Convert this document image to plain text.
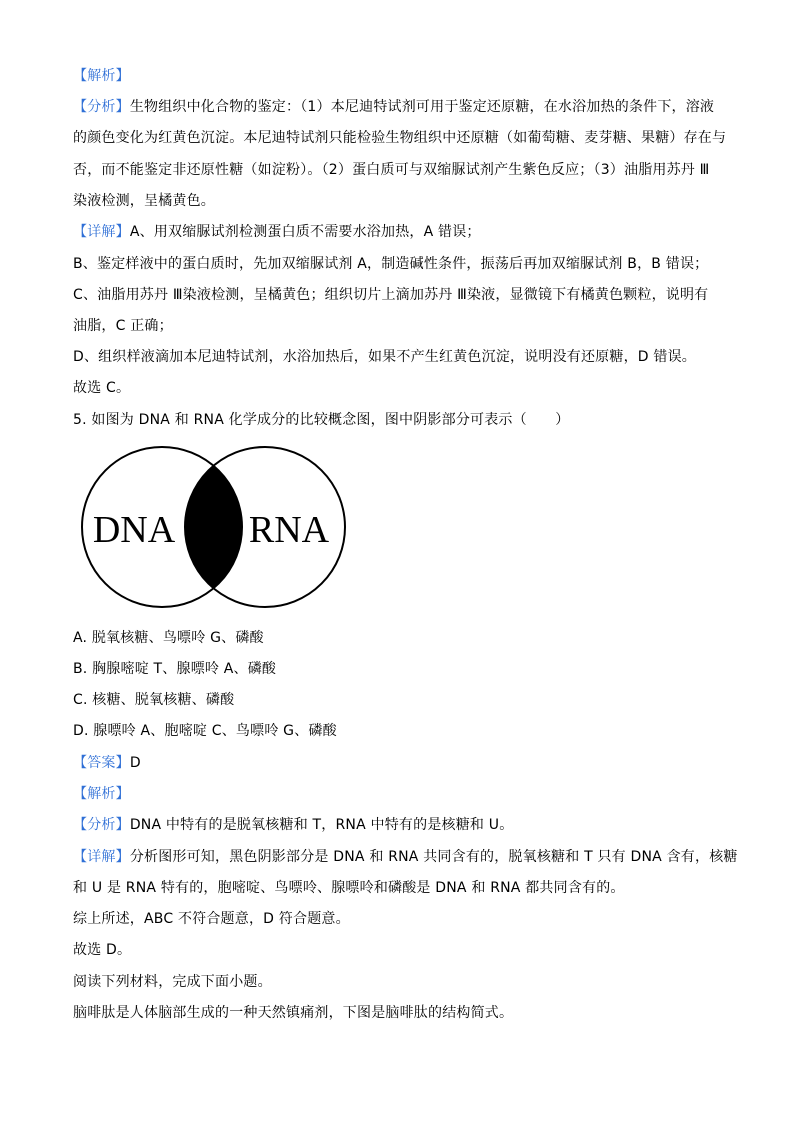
【解析】
【分析】生物组织中化合物的鉴定：（1）本尼迪特试剂可用于鉴定还原糖，在水浴加热的条件下，溶液
的颜色变化为红黄色沉淀。本尼迪特试剂只能检验生物组织中还原糖（如葡萄糖、麦芽糖、果糖）存在与
否，而不能鉴定非还原性糖（如淀粉）。（2）蛋白质可与双缩脲试剂产生紫色反应；（3）油脂用苏丹 Ⅲ
染液检测，呈橘黄色。
【详解】A、用双缩脲试剂检测蛋白质不需要水浴加热，A 错误；
B、鉴定样液中的蛋白质时，先加双缩脲试剂 A，制造碱性条件，振荡后再加双缩脲试剂 B，B 错误；
C、油脂用苏丹 Ⅲ染液检测，呈橘黄色；组织切片上滴加苏丹 Ⅲ染液，显微镜下有橘黄色颗粒，说明有
油脂，C 正确；
D、组织样液滴加本尼迪特试剂，水浴加热后，如果不产生红黄色沉淀，说明没有还原糖，D 错误。
故选 C。
5. 如图为 DNA 和 RNA 化学成分的比较概念图，图中阴影部分可表示（　　）
DNA RNA
A. 脱氧核糖、鸟嘌呤 G、磷酸
B. 胸腺嘧啶 T、腺嘌呤 A、磷酸
C. 核糖、脱氧核糖、磷酸
D. 腺嘌呤 A、胞嘧啶 C、鸟嘌呤 G、磷酸
【答案】D
【解析】
【分析】DNA 中特有的是脱氧核糖和 T，RNA 中特有的是核糖和 U。
【详解】分析图形可知，黑色阴影部分是 DNA 和 RNA 共同含有的，脱氧核糖和 T 只有 DNA 含有，核糖
和 U 是 RNA 特有的，胞嘧啶、鸟嘌呤、腺嘌呤和磷酸是 DNA 和 RNA 都共同含有的。
综上所述，ABC 不符合题意，D 符合题意。
故选 D。
阅读下列材料，完成下面小题。
脑啡肽是人体脑部生成的一种天然镇痛剂，下图是脑啡肽的结构简式。
